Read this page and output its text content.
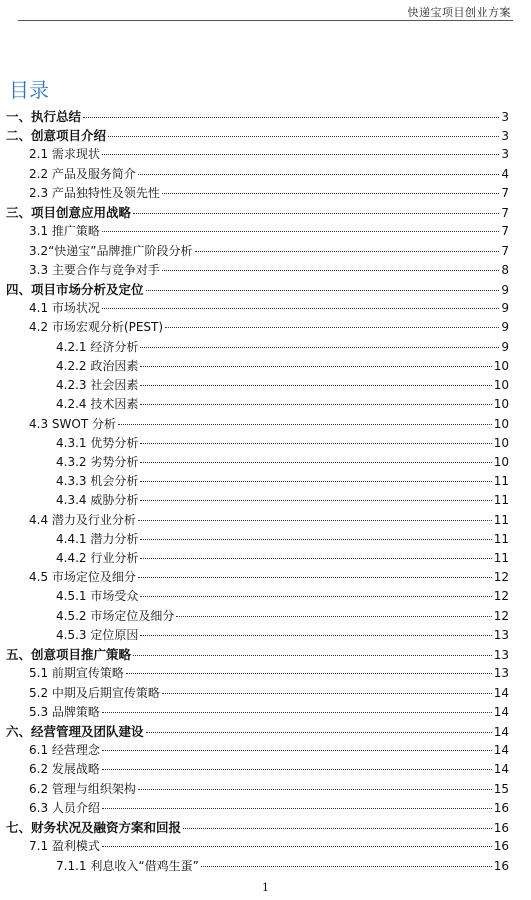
快递宝项目创业方案
目录
一、执行总结	3
二、创意项目介绍	3
2.1 需求现状	3
2.2 产品及服务简介	4
2.3 产品独特性及领先性	7
三、项目创意应用战略	7
3.1 推广策略	7
3.2“快递宝”品牌推广阶段分析	7
3.3 主要合作与竞争对手	8
四、项目市场分析及定位	9
4.1 市场状况	9
4.2 市场宏观分析(PEST)	9
4.2.1 经济分析	9
4.2.2 政治因素	10
4.2.3 社会因素	10
4.2.4 技术因素	10
4.3 SWOT 分析	10
4.3.1 优势分析	10
4.3.2 劣势分析	10
4.3.3 机会分析	11
4.3.4 威胁分析	11
4.4 潜力及行业分析	11
4.4.1 潜力分析	11
4.4.2 行业分析	11
4.5 市场定位及细分	12
4.5.1 市场受众	12
4.5.2 市场定位及细分	12
4.5.3 定位原因	13
五、创意项目推广策略	13
5.1 前期宣传策略	13
5.2 中期及后期宣传策略	14
5.3 品牌策略	14
六、经营管理及团队建设	14
6.1 经营理念	14
6.2 发展战略	14
6.2 管理与组织架构	15
6.3 人员介绍	16
七、财务状况及融资方案和回报	16
7.1 盈利模式	16
7.1.1 利息收入“借鸡生蛋”	16
1
